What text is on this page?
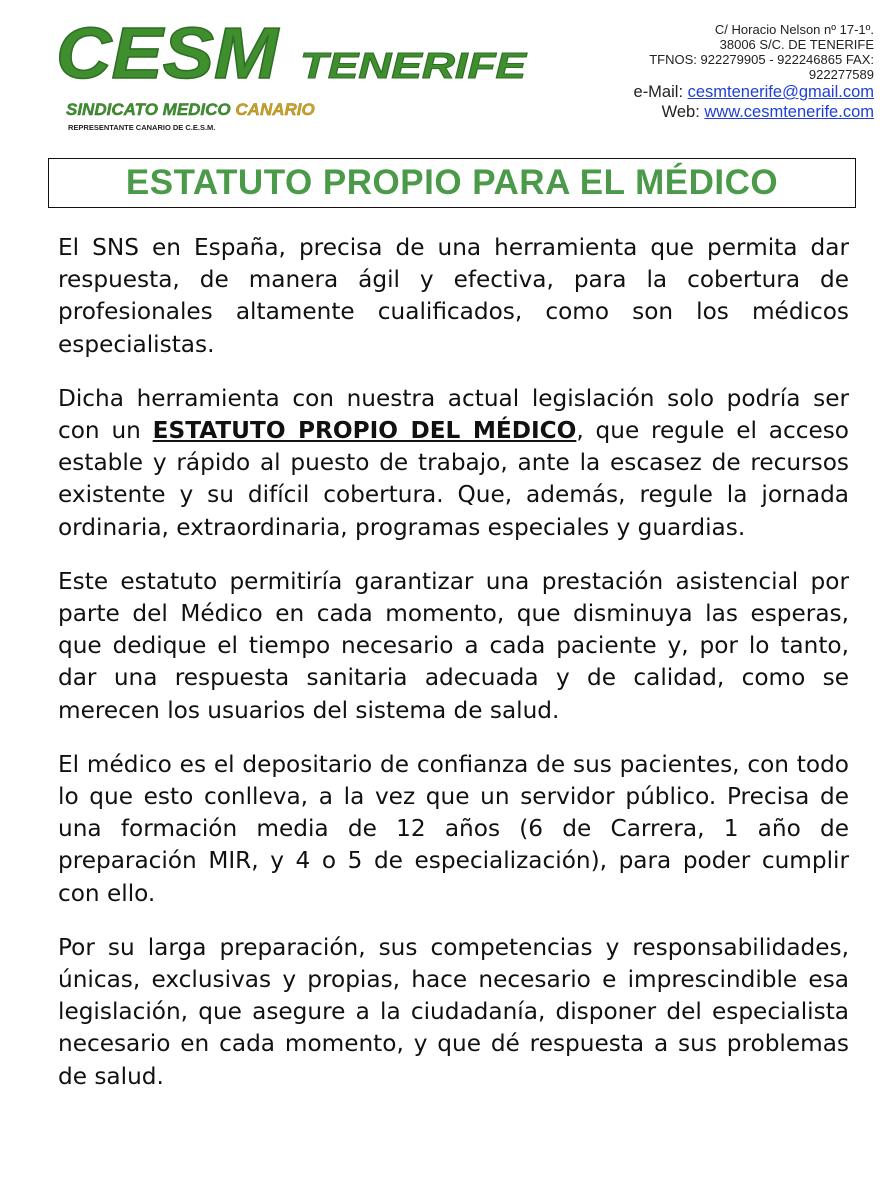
CESM TENERIFE
SINDICATO MEDICO CANARIO
REPRESENTANTE CANARIO DE C.E.S.M.
C/ Horacio Nelson nº 17-1º.
38006 S/C. DE TENERIFE
TFNOS: 922279905 - 922246865 FAX:
922277589
e-Mail: cesmtenerife@gmail.com
Web: www.cesmtenerife.com
ESTATUTO PROPIO PARA EL MÉDICO

El SNS en España, precisa de una herramienta que permita dar respuesta, de manera ágil y efectiva, para la cobertura de profesionales altamente cualificados, como son los médicos especialistas.

Dicha herramienta con nuestra actual legislación solo podría ser con un ESTATUTO PROPIO DEL MÉDICO, que regule el acceso estable y rápido al puesto de trabajo, ante la escasez de recursos existente y su difícil cobertura. Que, además, regule la jornada ordinaria, extraordinaria, programas especiales y guardias.

Este estatuto permitiría garantizar una prestación asistencial por parte del Médico en cada momento, que disminuya las esperas, que dedique el tiempo necesario a cada paciente y, por lo tanto, dar una respuesta sanitaria adecuada y de calidad, como se merecen los usuarios del sistema de salud.

El médico es el depositario de confianza de sus pacientes, con todo lo que esto conlleva, a la vez que un servidor público. Precisa de una formación media de 12 años (6 de Carrera, 1 año de preparación MIR, y 4 o 5 de especialización), para poder cumplir con ello.

Por su larga preparación, sus competencias y responsabilidades, únicas, exclusivas y propias, hace necesario e imprescindible esa legislación, que asegure a la ciudadanía, disponer del especialista necesario en cada momento, y que dé respuesta a sus problemas de salud.
